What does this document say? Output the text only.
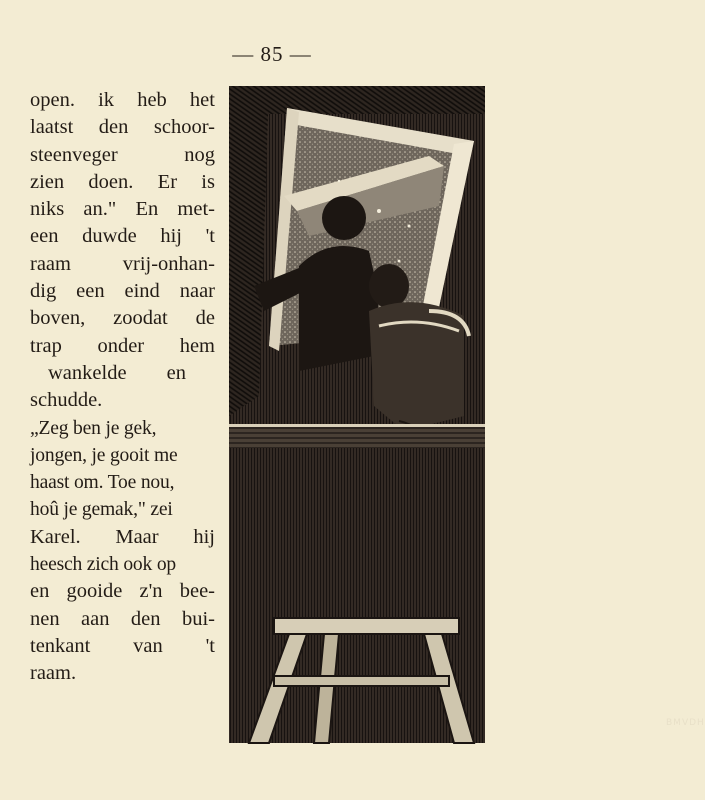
— 85 —
open. ik heb het
laatst den schoor-
steenveger	nog
zien doen. Er is
niks an." En met-
een duwde hij 't
raam	vrij-onhan-
dig een eind naar
boven, zoodat de
trap onder hem
wankelde en
schudde.
„Zeg ben je gek,
jongen, je gooit me
haast om. Toe nou,
hoû je gemak," zei
Karel. Maar hij
heesch zich ook op
en gooide z'n bee-
nen aan den bui-
tenkant van 't
raam.
BMVDH
